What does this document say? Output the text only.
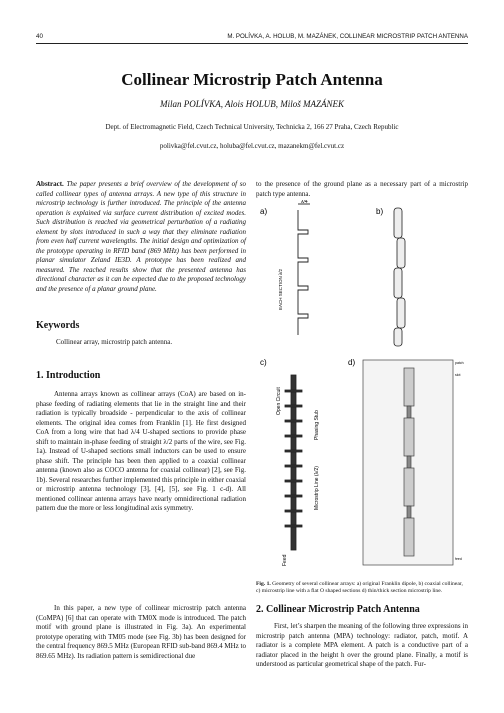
40	M. POLÍVKA, A. HOLUB, M. MAZÁNEK, COLLINEAR MICROSTRIP PATCH ANTENNA
Collinear Microstrip Patch Antenna
Milan POLÍVKA, Alois HOLUB, Miloš MAZÁNEK
Dept. of Electromagnetic Field, Czech Technical University, Technicka 2, 166 27 Praha, Czech Republic
polivka@fel.cvut.cz, holuba@fel.cvut.cz, mazanekm@fel.cvut.cz
Abstract. The paper presents a brief overview of the development of so called collinear types of antenna arrays. A new type of this structure in microstrip technology is further introduced. The principle of the antenna operation is explained via surface current distribution of excited modes. Such distribution is reached via geometrical perturbation of a radiating element by slots introduced in such a way that they eliminate radiation from even half current wavelengths. The initial design and optimization of the prototype operating in RFID band (869 MHz) has been performed in planar simulator Zeland IE3D. A prototype has been realized and measured. The reached results show that the presented antenna has directional character as it can be expected due to the proposed technology and the presence of a planar ground plane.
Keywords
Collinear array, microstrip patch antenna.
1. Introduction
Antenna arrays known as collinear arrays (CoA) are based on in-phase feeding of radiating elements that lie in the straight line and their radiation is typically broadside - perpendicular to the axis of collinear elements. The original idea comes from Franklin [1]. He first designed CoA from a long wire that had λ/4 U-shaped sections to provide phase shift to maintain in-phase feeding of straight λ/2 parts of the wire, see Fig. 1a). Instead of U-shaped sections small inductors can be used to ensure phase shift. The principle has been then applied to a coaxial collinear antenna (known also as COCO antenna for coaxial collinear) [2], see Fig. 1b). Several researches further implemented this principle in either coaxial or microstrip antenna technology [3], [4], [5], see Fig. 1 c-d). All mentioned collinear antenna arrays have nearly omnidirectional radiation pattern due the more or less longitudinal axis symmetry.
In this paper, a new type of collinear microstrip patch antenna (CoMPA) [6] that can operate with TM0X mode is introduced. The patch motif with ground plane is illustrated in Fig. 3a). An experimental prototype operating with TM05 mode (see Fig. 3b) has been designed for the central frequency 869.5 MHz (European RFID sub-band 869.4 MHz to 869.65 MHz). Its radiation pattern is semidirectional due
to the presence of the ground plane as a necessary part of a microstrip patch type antenna.
a)
λ/4
EACH SECTION λ/2
b)
c)
Open Circuit
Phasing Stub
Microstrip Line (λ/2)
Feed
d)	patch
slot
feed
Fig. 1. Geometry of several collinear arrays: a) original Franklin dipole, b) coaxial collinear, c) microstrip line with a flat O shaped sections d) thin/thick section microstrip line.
2. Collinear Microstrip Patch Antenna
First, let’s sharpen the meaning of the following three expressions in microstrip patch antenna (MPA) technology: radiator, patch, motif. A radiator is a complete MPA element. A patch is a conductive part of a radiator placed in the height h over the ground plane. Finally, a motif is understood as particular geometrical shape of the patch. Fur-
